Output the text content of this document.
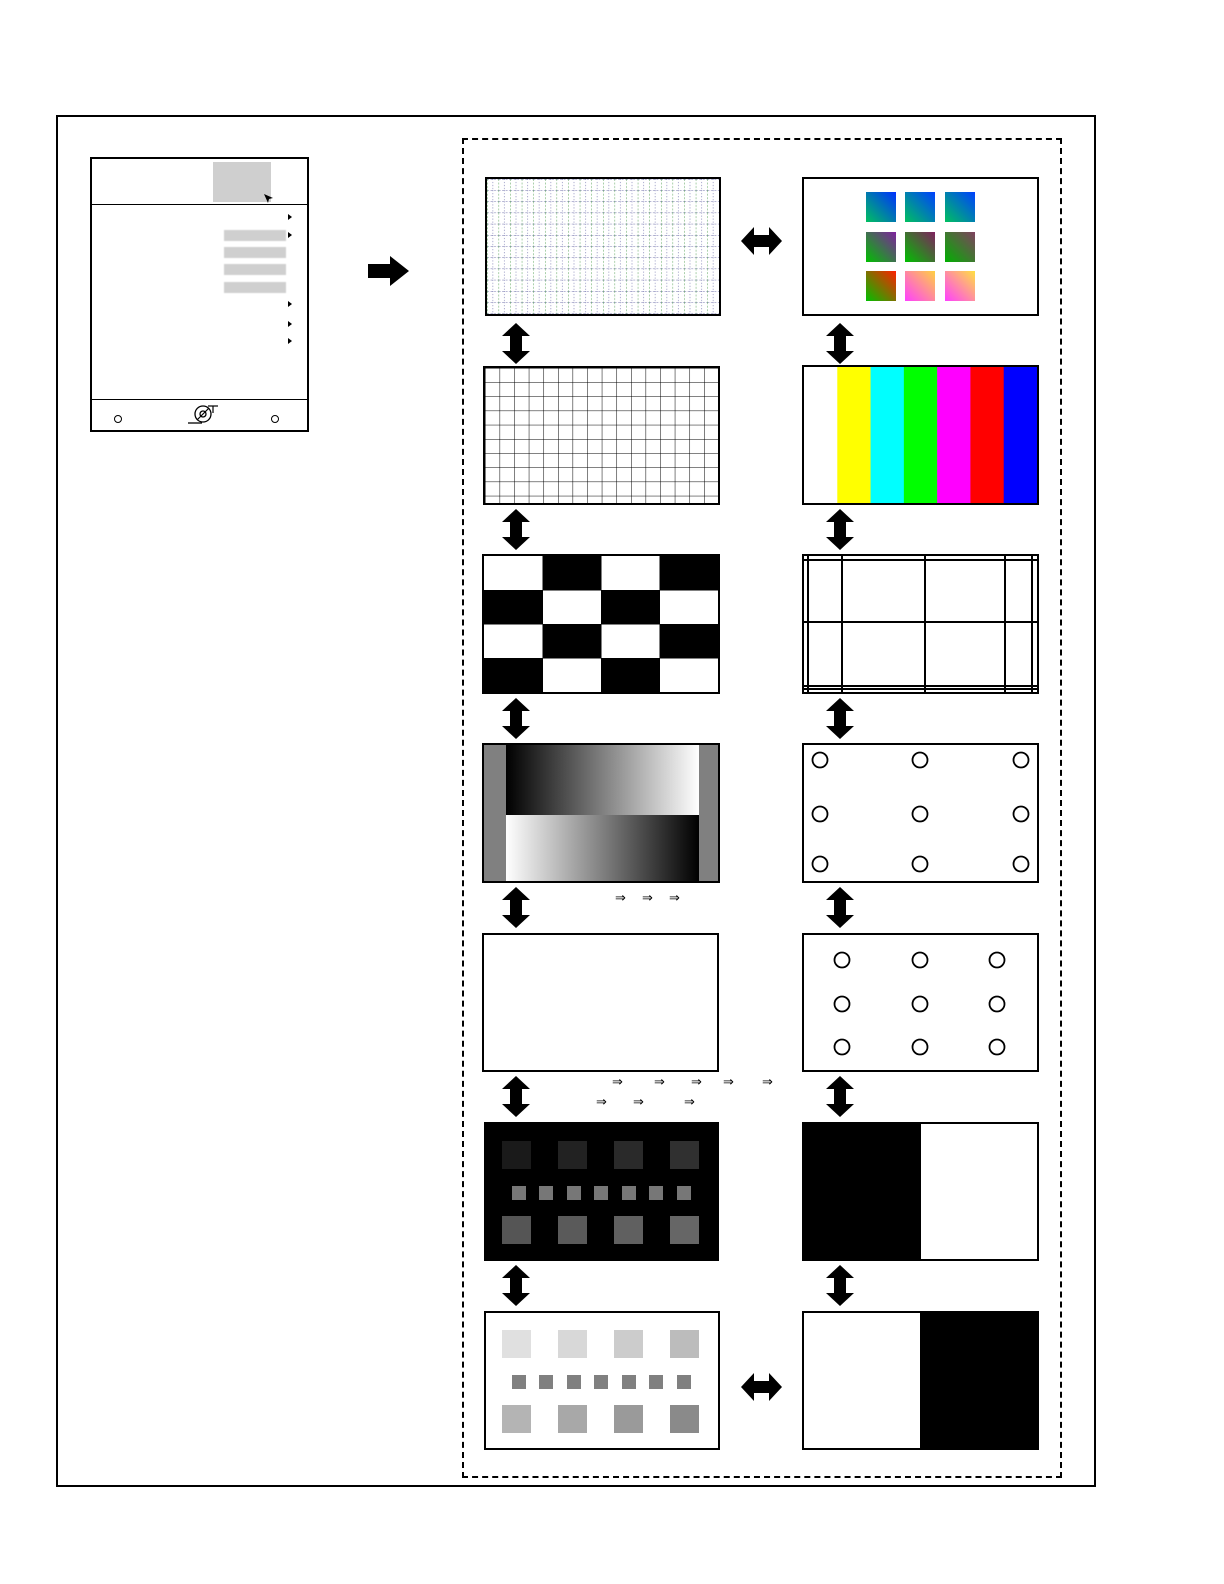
⇒ ⇒ ⇒
⇒ ⇒ ⇒ ⇒ ⇒
⇒ ⇒	⇒
